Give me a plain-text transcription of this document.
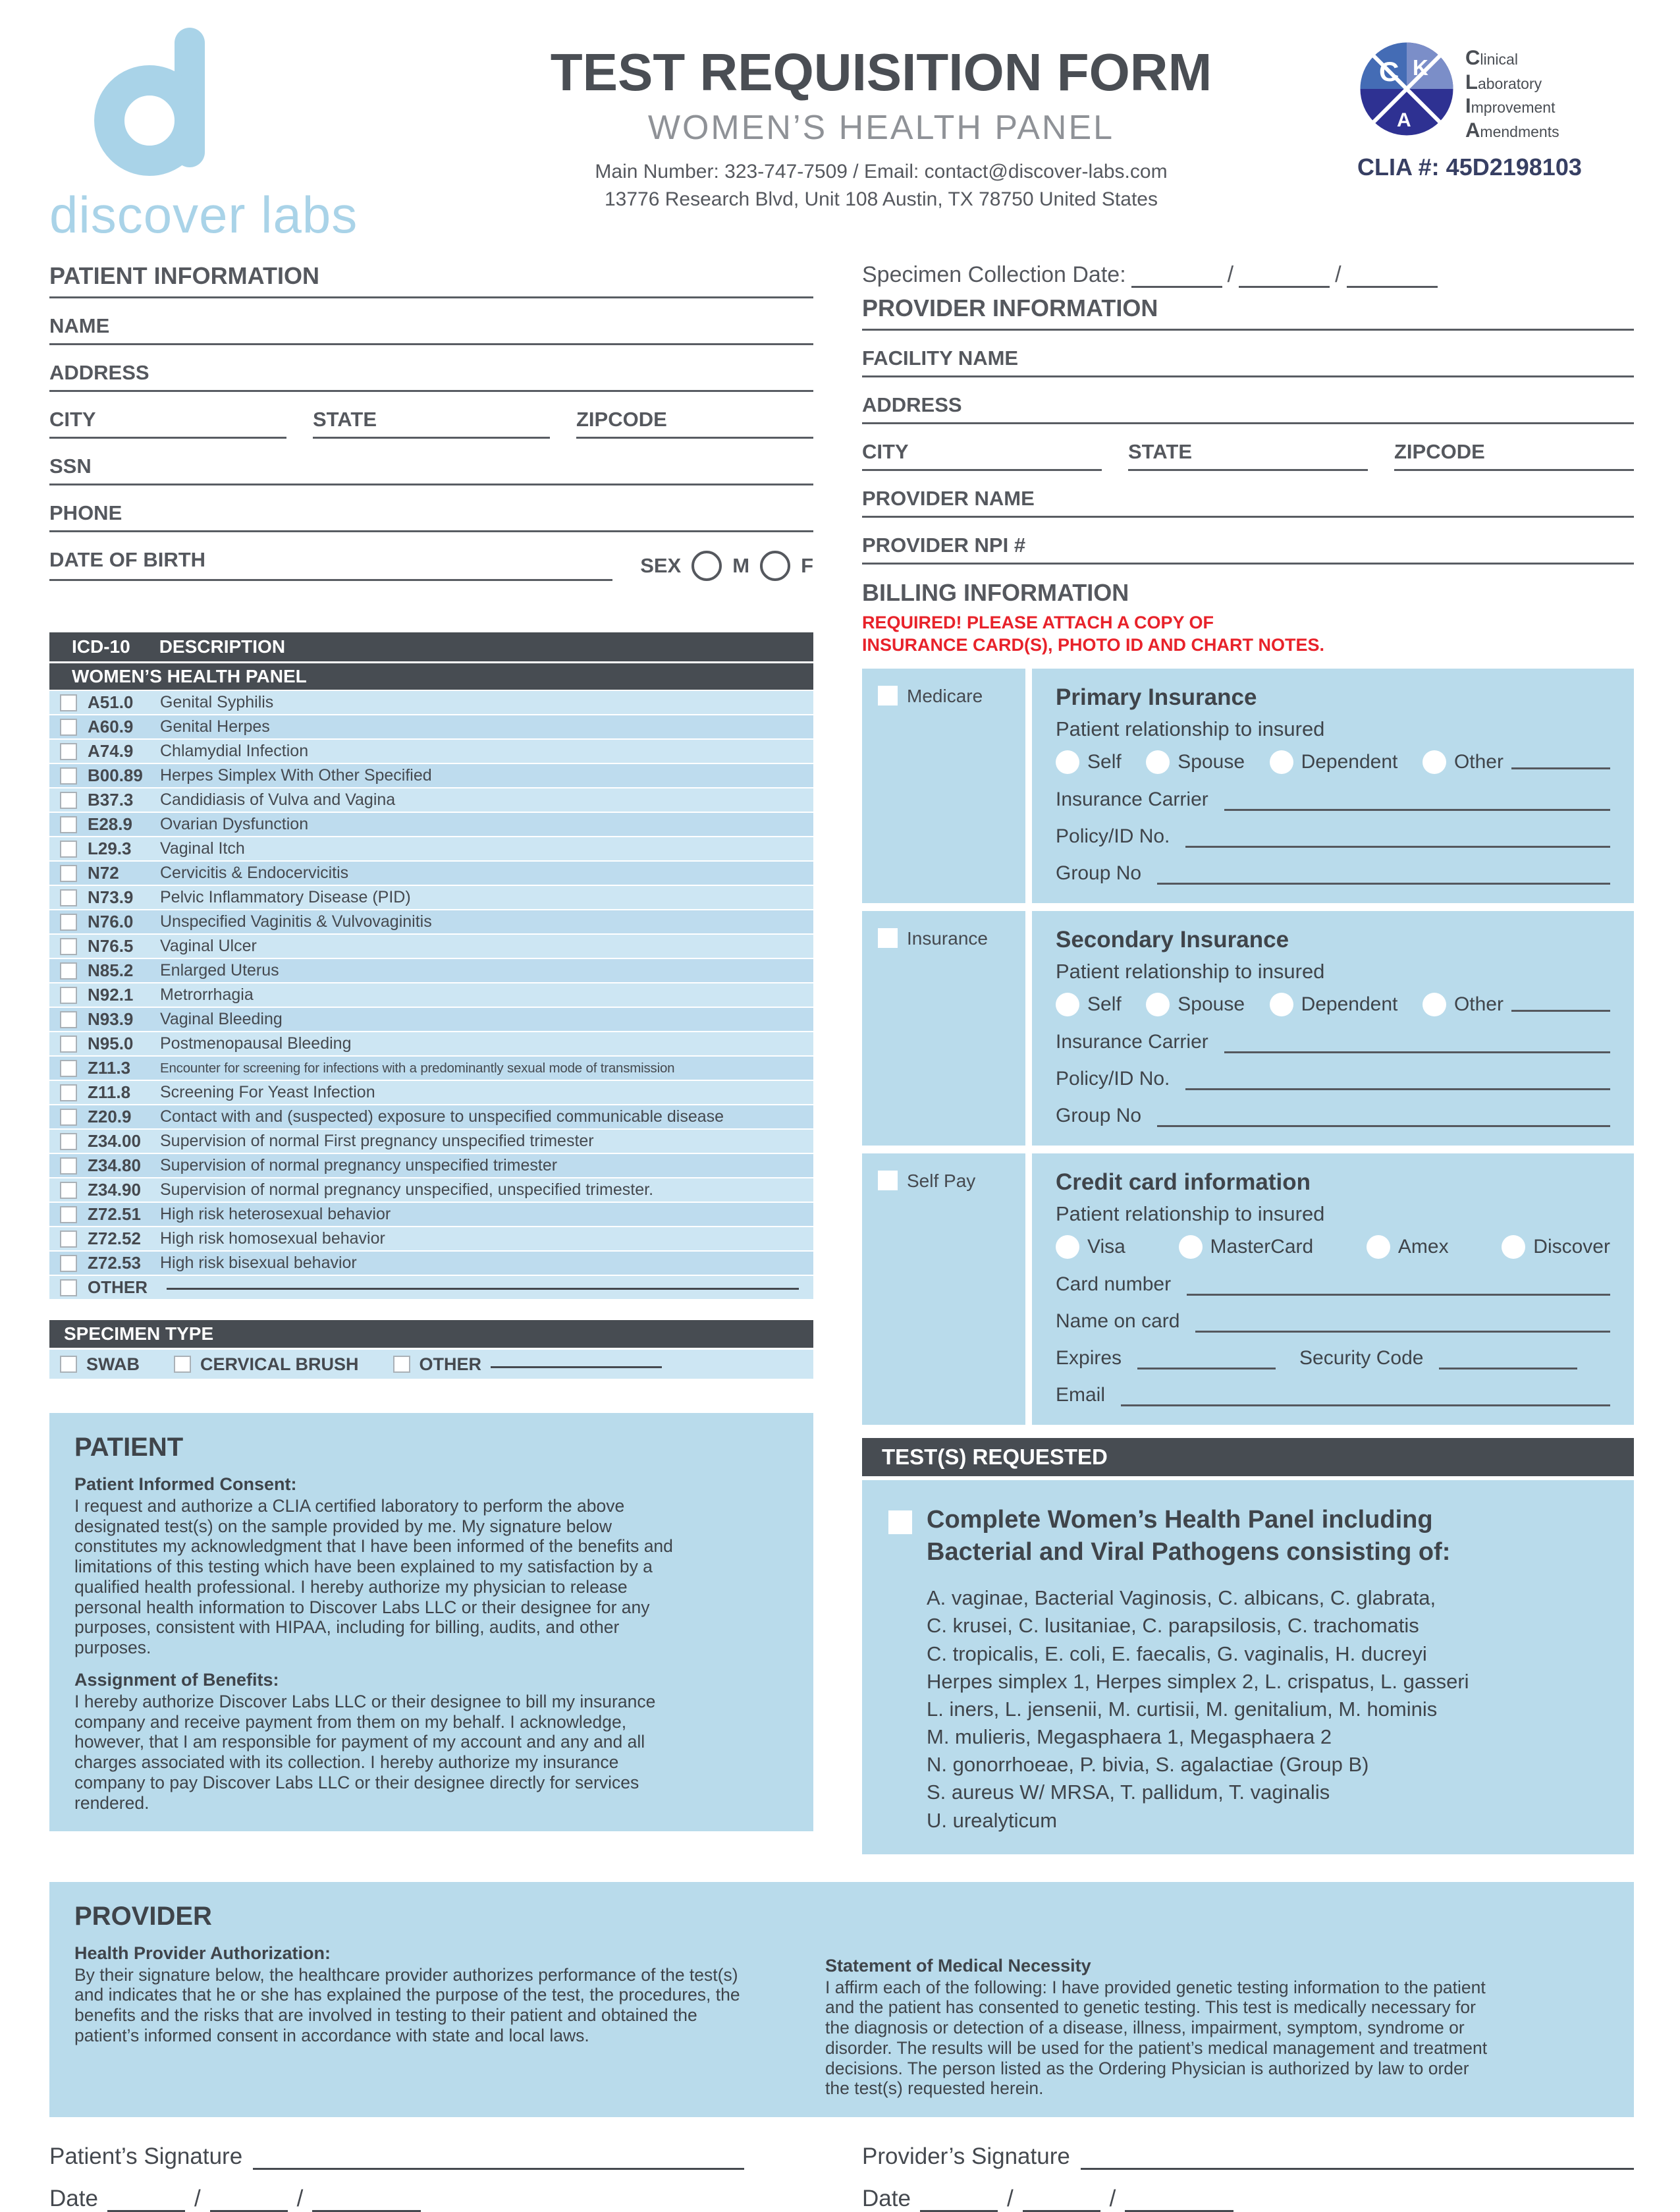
discover labs
TEST REQUISITION FORM
WOMEN’S HEALTH PANEL
Main Number: 323-747-7509 / Email: contact@discover-labs.com
13776 Research Blvd, Unit 108 Austin, TX 78750 United States
C K
A
Clinical
Laboratory
Improvement
Amendments
CLIA #: 45D2198103
PATIENT INFORMATION
NAME
ADDRESS
CITY	STATE	ZIPCODE
SSN
PHONE
DATE OF BIRTH	SEX	M	F
ICD-10 DESCRIPTION
WOMEN’S HEALTH PANEL
A51.0	Genital Syphilis
A60.9	Genital Herpes
A74.9	Chlamydial Infection
B00.89	Herpes Simplex With Other Specified
B37.3	Candidiasis of Vulva and Vagina
E28.9	Ovarian Dysfunction
L29.3	Vaginal Itch
N72	Cervicitis & Endocervicitis
N73.9	Pelvic Inflammatory Disease (PID)
N76.0	Unspecified Vaginitis & Vulvovaginitis
N76.5	Vaginal Ulcer
N85.2	Enlarged Uterus
N92.1	Metrorrhagia
N93.9	Vaginal Bleeding
N95.0	Postmenopausal Bleeding
Z11.3	Encounter for screening for infections with a predominantly sexual mode of transmission
Z11.8	Screening For Yeast Infection
Z20.9	Contact with and (suspected) exposure to unspecified communicable disease
Z34.00	Supervision of normal First pregnancy unspecified trimester
Z34.80	Supervision of normal pregnancy unspecified trimester
Z34.90	Supervision of normal pregnancy unspecified, unspecified trimester.
Z72.51	High risk heterosexual behavior
Z72.52	High risk homosexual behavior
Z72.53	High risk bisexual behavior
OTHER
SPECIMEN TYPE
SWAB	CERVICAL BRUSH	OTHER
PATIENT
Patient Informed Consent:

I request and authorize a CLIA certified laboratory to perform the above designated test(s) on the sample provided by me. My signature below constitutes my acknowledgment that I have been informed of the benefits and limitations of this testing which have been explained to my satisfaction by a qualified health professional. I hereby authorize my physician to release personal health information to Discover Labs LLC or their designee for any purposes, consistent with HIPAA, including for billing, audits, and other purposes.

Assignment of Benefits:

I hereby authorize Discover Labs LLC or their designee to bill my insurance company and receive payment from them on my behalf. I acknowledge, however, that I am responsible for payment of my account and any and all charges associated with its collection. I hereby authorize my insurance company to pay Discover Labs LLC or their designee directly for services rendered.

Specimen Collection Date:	/	/
PROVIDER INFORMATION
FACILITY NAME
ADDRESS
CITY	STATE	ZIPCODE
PROVIDER NAME
PROVIDER NPI #
BILLING INFORMATION
REQUIRED! PLEASE ATTACH A COPY OF
INSURANCE CARD(S), PHOTO ID AND CHART NOTES.
Medicare	Primary Insurance
Patient relationship to insured
Self	Spouse	Dependent	Other
Insurance Carrier
Policy/ID No.
Group No
Insurance	Secondary Insurance
Patient relationship to insured
Self	Spouse	Dependent	Other
Insurance Carrier
Policy/ID No.
Group No
Self Pay	Credit card information
Patient relationship to insured
Visa	MasterCard	Amex	Discover
Card number
Name on card
Expires	Security Code
Email
TEST(S) REQUESTED
Complete Women’s Health Panel including
Bacterial and Viral Pathogens consisting of:
A. vaginae, Bacterial Vaginosis, C. albicans, C. glabrata,
C. krusei, C. lusitaniae, C. parapsilosis, C. trachomatis
C. tropicalis, E. coli, E. faecalis, G. vaginalis, H. ducreyi
Herpes simplex 1, Herpes simplex 2, L. crispatus, L. gasseri
L. iners, L. jensenii, M. curtisii, M. genitalium, M. hominis
M. mulieris, Megasphaera 1, Megasphaera 2
N. gonorrhoeae, P. bivia, S. agalactiae (Group B)
S. aureus W/ MRSA, T. pallidum, T. vaginalis
U. urealyticum
PROVIDER
Health Provider Authorization:

By their signature below, the healthcare provider authorizes performance of the test(s) and indicates that he or she has explained the purpose of the test, the procedures, the benefits and the risks that are involved in testing to their patient and obtained the patient’s informed consent in accordance with state and local laws.

Statement of Medical Necessity

I affirm each of the following: I have provided genetic testing information to the patient and the patient has consented to genetic testing. This test is medically necessary for the diagnosis or detection of a disease, illness, impairment, symptom, syndrome or disorder. The results will be used for the patient’s medical management and treatment decisions. The person listed as the Ordering Physician is authorized by law to order the test(s) requested herein.

Patient’s Signature
Date	/	/
Provider’s Signature
Date	/	/
